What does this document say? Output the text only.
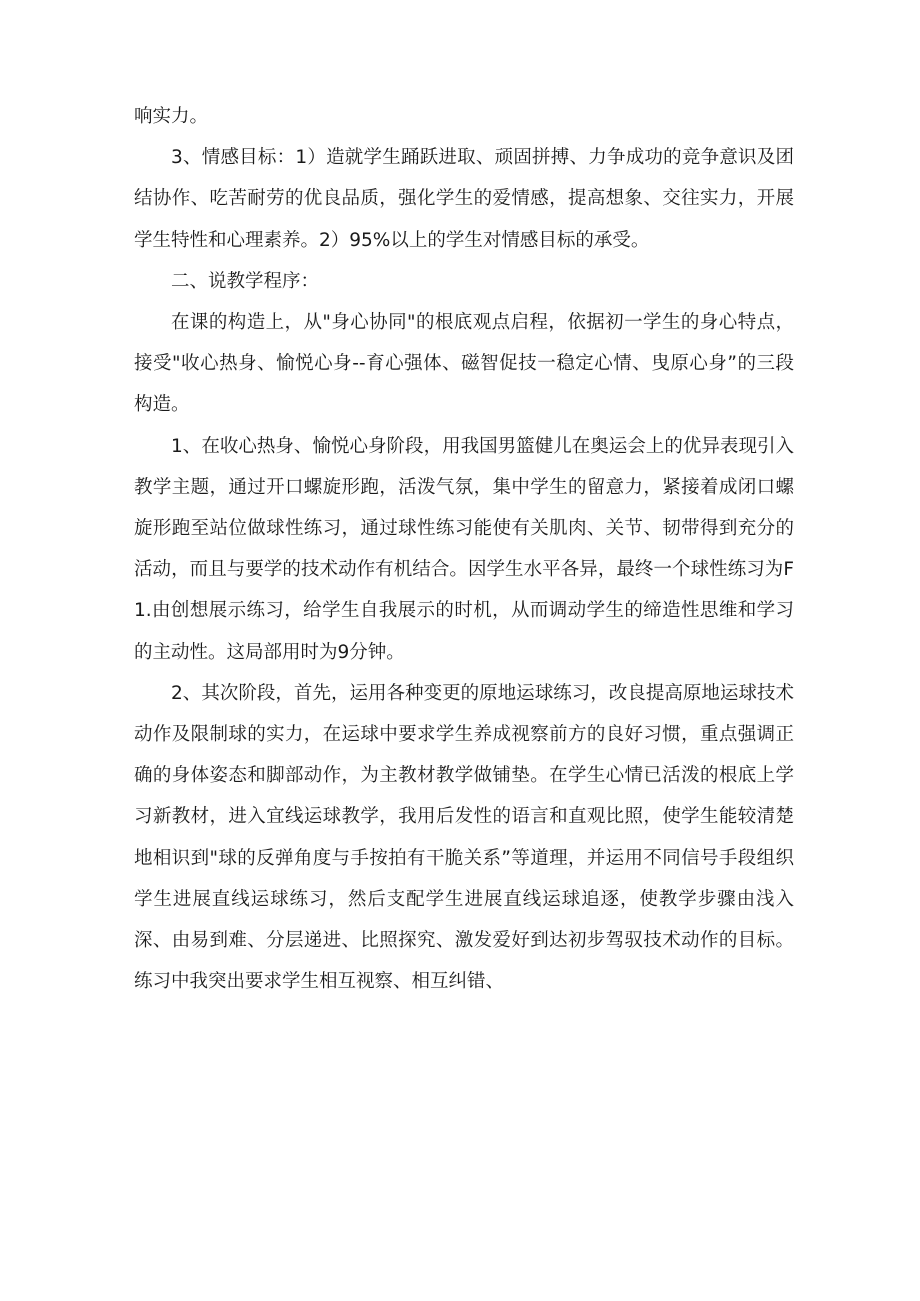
响实力。

3、情感目标：1）造就学生踊跃进取、顽固拼搏、力争成功的竞争意识及团结协作、吃苦耐劳的优良品质，强化学生的爱情感，提高想象、交往实力，开展学生特性和心理素养。2）95%以上的学生对情感目标的承受。

二、说教学程序：

在课的构造上，从"身心协同"的根底观点启程，依据初一学生的身心特点，接受"收心热身、愉悦心身--育心强体、磁智促技一稳定心情、曳原心身”的三段构造。

1、在收心热身、愉悦心身阶段，用我国男篮健儿在奥运会上的优异表现引入教学主题，通过开口螺旋形跑，活泼气氛，集中学生的留意力，紧接着成闭口螺旋形跑至站位做球性练习，通过球性练习能使有关肌肉、关节、韧带得到充分的活动，而且与要学的技术动作有机结合。因学生水平各异，最终一个球性练习为F1.由创想展示练习，给学生自我展示的时机，从而调动学生的缔造性思维和学习的主动性。这局部用时为9分钟。

2、其次阶段，首先，运用各种变更的原地运球练习，改良提高原地运球技术动作及限制球的实力，在运球中要求学生养成视察前方的良好习惯，重点强调正确的身体姿态和脚部动作，为主教材教学做铺垫。在学生心情已活泼的根底上学习新教材，进入宜线运球教学，我用后发性的语言和直观比照，使学生能较清楚地相识到"球的反弹角度与手按拍有干脆关系”等道理，并运用不同信号手段组织学生进展直线运球练习，然后支配学生进展直线运球追逐，使教学步骤由浅入深、由易到难、分层递进、比照探究、激发爱好到达初步驾驭技术动作的目标。练习中我突出要求学生相互视察、相互纠错、
